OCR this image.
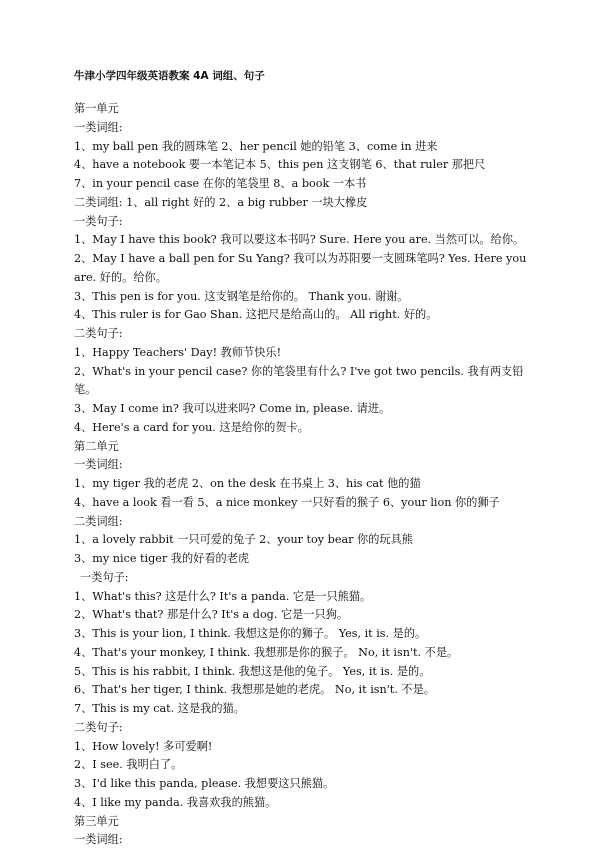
牛津小学四年级英语教案 4A 词组、句子
第一单元
一类词组:
1、my ball pen 我的圆珠笔 2、her pencil 她的铅笔 3、come in 进来
4、have a notebook 要一本笔记本 5、this pen 这支钢笔 6、that ruler 那把尺
7、in your pencil case 在你的笔袋里 8、a book 一本书
二类词组: 1、all right 好的 2、a big rubber 一块大橡皮
一类句子:
1、May I have this book? 我可以要这本书吗? Sure. Here you are. 当然可以。给你。
2、May I have a ball pen for Su Yang? 我可以为苏阳要一支圆珠笔吗? Yes. Here you are. 好的。给你。
3、This pen is for you. 这支钢笔是给你的。 Thank you. 谢谢。
4、This ruler is for Gao Shan. 这把尺是给高山的。 All right. 好的。
二类句子:
1、Happy Teachers' Day! 教师节快乐!
2、What's in your pencil case? 你的笔袋里有什么? I've got two pencils. 我有两支铅笔。
3、May I come in? 我可以进来吗? Come in, please. 请进。
4、Here's a card for you. 这是给你的贺卡。
第二单元
一类词组:
1、my tiger 我的老虎 2、on the desk 在书桌上 3、his cat 他的猫
4、have a look 看一看 5、a nice monkey 一只好看的猴子 6、your lion 你的狮子
二类词组:
1、a lovely rabbit 一只可爱的兔子 2、your toy bear 你的玩具熊
3、my nice tiger 我的好看的老虎
一类句子:
1、What's this? 这是什么? It's a panda. 它是一只熊猫。
2、What's that? 那是什么? It's a dog. 它是一只狗。
3、This is your lion, I think. 我想这是你的狮子。 Yes, it is. 是的。
4、That's your monkey, I think. 我想那是你的猴子。 No, it isn't. 不是。
5、This is his rabbit, I think. 我想这是他的兔子。 Yes, it is. 是的。
6、That's her tiger, I think. 我想那是她的老虎。 No, it isn't. 不是。
7、This is my cat. 这是我的猫。
二类句子:
1、How lovely! 多可爱啊!
2、I see. 我明白了。
3、I'd like this panda, please. 我想要这只熊猫。
4、I like my panda. 我喜欢我的熊猫。
第三单元
一类词组:
